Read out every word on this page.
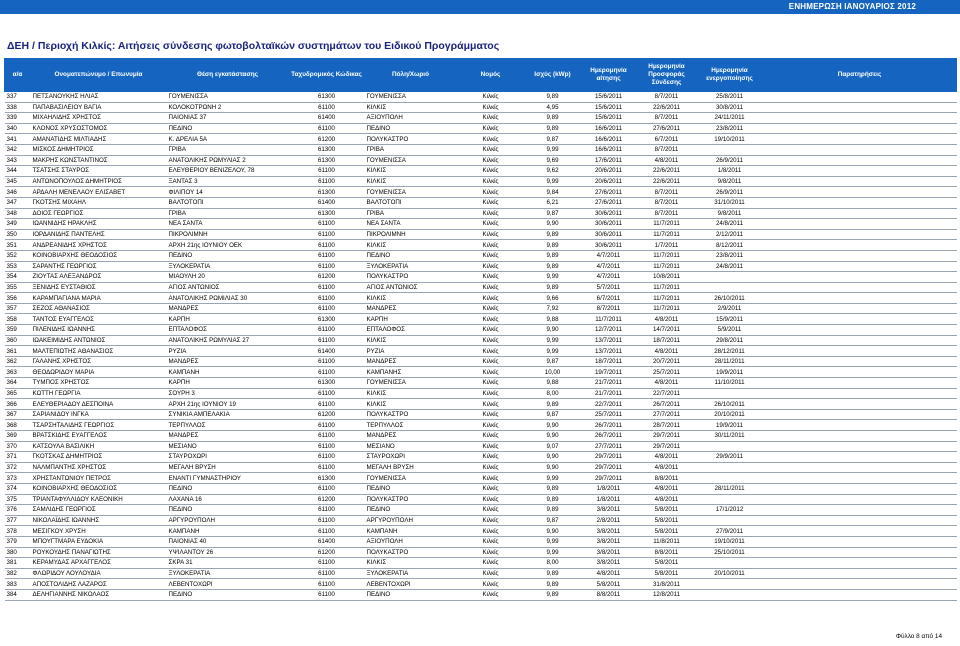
ΕΝΗΜΕΡΩΣΗ ΙΑΝΟΥΑΡΙΟΣ 2012
ΔΕΗ / Περιοχή Κιλκίς: Αιτήσεις σύνδεσης φωτοβολταϊκών συστημάτων του Ειδικού Προγράμματος
α/α	Ονοματεπώνυμο / Επωνυμία	Θέση εγκατάστασης	Ταχυδρομικός Κώδικας	Πόλη/Χωριό	Νομός	Ισχύς (kWp)	Ημερομηνία αίτησης	Ημερομηνία Προσφοράς Σύνδεσης	Ημερομηνία ενεργοποίησης	Παρατηρήσεις
337	ΠΕΤΣΑΝΟΥΚΗΣ ΗΛΙΑΣ	ΓΟΥΜΕΝΙΣΣΑ	61300	ΓΟΥΜΕΝΙΣΣΑ	Κιλκίς	9,89	15/6/2011	8/7/2011	25/8/2011	
338	ΠΑΠΑΒΑΣΙΛΕΙΟΥ ΒΑΓΙΑ	ΚΟΛΟΚΟΤΡΩΝΗ 2	61100	ΚΙΛΚΙΣ	Κιλκίς	4,95	15/6/2011	22/6/2011	30/8/2011	
339	ΜΙΧΑΗΛΙΔΗΣ ΧΡΗΣΤΟΣ	ΠΑΙΟΝΙΑΣ 37	61400	ΑΞΙΟΥΠΟΛΗ	Κιλκίς	9,89	15/6/2011	8/7/2011	24/11/2011	
340	ΚΛΟΝΟΣ ΧΡΥΣΟΣΤΟΜΟΣ	ΠΕΔΙΝΟ	61100	ΠΕΔΙΝΟ	Κιλκίς	9,89	16/6/2011	27/6/2011	23/8/2011	
341	ΑΜΑΝΑΤΙΔΗΣ ΜΙΛΤΙΑΔΗΣ	Κ. ΔΡΕΛΙΑ 5Α	61200	ΠΟΛΥΚΑΣΤΡΟ	Κιλκίς	9,87	16/6/2011	6/7/2011	19/10/2011	
342	ΜΙΣΚΟΣ ΔΗΜΗΤΡΙΟΣ	ΓΡΙΒΑ	61300	ΓΡΙΒΑ	Κιλκίς	9,99	16/6/2011	8/7/2011		
343	ΜΑΚΡΗΣ ΚΩΝΣΤΑΝΤΙΝΟΣ	ΑΝΑΤΟΛΙΚΗΣ ΡΩΜΥΛΙΑΣ 2	61300	ΓΟΥΜΕΝΙΣΣΑ	Κιλκίς	9,69	17/6/2011	4/8/2011	26/9/2011	
344	ΤΣΑΤΣΗΣ ΣΤΑΥΡΟΣ	ΕΛΕΥΘΕΡΙΟΥ ΒΕΝΙΖΕΛΟΥ, 78	61100	ΚΙΛΚΙΣ	Κιλκίς	9,62	20/6/2011	22/6/2011	1/8/2011	
345	ΑΝΤΩΝΟΠΟΥΛΟΣ ΔΗΜΗΤΡΙΟΣ	ΞΑΝΤΑΣ 3	61100	ΚΙΛΚΙΣ	Κιλκίς	9,99	20/6/2011	22/6/2011	9/8/2011	
346	ΑΡΔΑΛΗ ΜΕΝΕΛΑΟΥ ΕΛΙΣΑΒΕΤ	ΦΙΛΙΠΟΥ 14	61300	ΓΟΥΜΕΝΙΣΣΑ	Κιλκίς	9,84	27/6/2011	8/7/2011	26/9/2011	
347	ΓΚΟΤΣΗΣ ΜΙΧΑΗΛ	ΒΑΛΤΟΤΟΠΙ	61400	ΒΑΛΤΟΤΟΠΙ	Κιλκίς	6,21	27/6/2011	8/7/2011	31/10/2011	
348	ΔΟΙΟΣ ΓΕΩΡΓΙΟΣ	ΓΡΙΒΑ	61300	ΓΡΙΒΑ	Κιλκίς	9,87	30/6/2011	8/7/2011	9/8/2011	
349	ΙΩΑΝΝΙΔΗΣ ΗΡΑΚΛΗΣ	ΝΕΑ ΣΑΝΤΑ	61100	ΝΕΑ ΣΑΝΤΑ	Κιλκίς	9,90	30/6/2011	11/7/2011	24/8/2011	
350	ΙΟΡΔΑΝΙΔΗΣ ΠΑΝΤΕΛΗΣ	ΠΙΚΡΟΛΙΜΝΗ	61100	ΠΙΚΡΟΛΙΜΝΗ	Κιλκίς	9,89	30/6/2011	11/7/2011	2/12/2011	
351	ΑΝΔΡΕΑΝΙΔΗΣ ΧΡΗΣΤΟΣ	ΑΡΧΗ 21ης ΙΟΥΝΙΟΥ ΟΕΚ	61100	ΚΙΛΚΙΣ	Κιλκίς	9,89	30/6/2011	1/7/2011	8/12/2011	
352	ΚΟΙΝΟΒΙΑΡΧΗΣ ΘΕΟΔΟΣΙΟΣ	ΠΕΔΙΝΟ	61100	ΠΕΔΙΝΟ	Κιλκίς	9,89	4/7/2011	11/7/2011	23/8/2011	
353	ΣΑΡΑΝΤΗΣ ΓΕΩΡΓΙΟΣ	ΞΥΛΟΚΕΡΑΤΙΑ	61100	ΞΥΛΟΚΕΡΑΤΙΑ	Κιλκίς	9,89	4/7/2011	11/7/2011	24/8/2011	
354	ΖΙΟΥΤΑΣ ΑΛΕΞΑΝΔΡΟΣ	ΜΙΑΟΥΛΗ 20	61200	ΠΟΛΥΚΑΣΤΡΟ	Κιλκίς	9,99	4/7/2011	10/8/2011		
355	ΞΕΝΙΔΗΣ ΕΥΣΤΑΘΙΟΣ	ΑΓΙΟΣ ΑΝΤΩΝΙΟΣ	61100	ΑΓΙΟΣ ΑΝΤΩΝΙΟΣ	Κιλκίς	9,89	5/7/2011	11/7/2011		
356	ΚΑΡΑΜΠΑΓΙΑΝΑ ΜΑΡΙΑ	ΑΝΑΤΟΛΙΚΗΣ ΡΩΜΙΛΙΑΣ 30	61100	ΚΙΛΚΙΣ	Κιλκίς	9,66	6/7/2011	11/7/2011	26/10/2011	
357	ΣΕΖΟΣ ΑΘΑΝΑΣΙΟΣ	ΜΑΝΔΡΕΣ	61100	ΜΑΝΔΡΕΣ	Κιλκίς	7,92	8/7/2011	11/7/2011	2/9/2011	
358	ΤΑΝΤΟΣ ΕΥΑΓΓΕΛΟΣ	ΚΑΡΠΗ	61300	ΚΑΡΠΗ	Κιλκίς	9,88	11/7/2011	4/8/2011	15/9/2011	
359	ΠΙΛΕΝΙΔΗΣ ΙΩΑΝΝΗΣ	ΕΠΤΑΛΟΦΟΣ	61100	ΕΠΤΑΛΟΦΟΣ	Κιλκίς	9,90	12/7/2011	14/7/2011	5/9/2011	
360	ΙΩΑΚΕΙΜΙΔΗΣ ΑΝΤΩΝΙΟΣ	ΑΝΑΤΟΛΙΚΗΣ ΡΩΜΥΛΙΑΣ 27	61100	ΚΙΛΚΙΣ	Κιλκίς	9,99	13/7/2011	18/7/2011	29/8/2011	
361	ΜΑΛΤΕΠΙΩΤΗΣ ΑΘΑΝΑΣΙΟΣ	ΡΥΖΙΑ	61400	ΡΥΖΙΑ	Κιλκίς	9,99	13/7/2011	4/8/2011	28/12/2011	
362	ΓΑΛΑΝΗΣ ΧΡΗΣΤΟΣ	ΜΑΝΔΡΕΣ	61100	ΜΑΝΔΡΕΣ	Κιλκίς	9,87	18/7/2011	20/7/2011	28/11/2011	
363	ΘΕΟΔΩΡΙΔΟΥ ΜΑΡΙΑ	ΚΑΜΠΑΝΗ	61100	ΚΑΜΠΑΝΗΣ	Κιλκίς	10,00	19/7/2011	25/7/2011	19/9/2011	
364	ΤΥΜΠΟΣ ΧΡΗΣΤΟΣ	ΚΑΡΠΗ	61300	ΓΟΥΜΕΝΙΣΣΑ	Κιλκίς	9,88	21/7/2011	4/8/2011	11/10/2011	
365	ΚΩΤΤΗ ΓΕΩΡΓΙΑ	ΣΟΥΡΗ 3	61100	ΚΙΛΚΙΣ	Κιλκίς	8,00	21/7/2011	22/7/2011		
366	ΕΛΕΥΘΕΡΙΑΔΟΥ ΔΕΣΠΟΙΝΑ	ΑΡΧΗ 21ης ΙΟΥΝΙΟΥ 19	61100	ΚΙΛΚΙΣ	Κιλκίς	9,89	22/7/2011	26/7/2011	26/10/2011	
367	ΣΑΡΙΑΝΙΔΟΥ ΙΝΓΚΑ	ΣΥΝΙΚΙΑ ΑΜΠΕΛΑΚΙΑ	61200	ΠΟΛΥΚΑΣΤΡΟ	Κιλκίς	9,87	25/7/2011	27/7/2011	20/10/2011	
368	ΤΣΑΡΣΗΤΑΛΙΔΗΣ ΓΕΩΡΓΙΟΣ	ΤΕΡΠΥΛΛΟΣ	61100	ΤΕΡΠΥΛΛΟΣ	Κιλκίς	9,90	26/7/2011	28/7/2011	19/9/2011	
369	ΒΡΑΤΣΚΙΔΗΣ ΕΥΑΓΓΕΛΟΣ	ΜΑΝΔΡΕΣ	61100	ΜΑΝΔΡΕΣ	Κιλκίς	9,90	26/7/2011	29/7/2011	30/11/2011	
370	ΚΑΤΣΟΥΛΑ ΒΑΣΙΛΙΚΗ	ΜΕΣΙΑΝΟ	61100	ΜΕΣΙΑΝΟ	Κιλκίς	9,07	27/7/2011	29/7/2011		
371	ΓΚΟΤΣΚΑΣ ΔΗΜΗΤΡΙΟΣ	ΣΤΑΥΡΟΧΩΡΙ	61100	ΣΤΑΥΡΟΧΩΡΙ	Κιλκίς	9,90	29/7/2011	4/8/2011	29/9/2011	
372	ΝΑΛΜΠΑΝΤΗΣ ΧΡΗΣΤΟΣ	ΜΕΓΑΛΗ ΒΡΥΣΗ	61100	ΜΕΓΑΛΗ ΒΡΥΣΗ	Κιλκίς	9,90	29/7/2011	4/8/2011		
373	ΧΡΗΣΤΑΝΤΩΝΙΟΥ ΠΕΤΡΟΣ	ΕΝΑΝΤΙ ΓΥΜΝΑΣΤΗΡΙΟΥ	61300	ΓΟΥΜΕΝΙΣΣΑ	Κιλκίς	9,99	29/7/2011	8/8/2011		
374	ΚΟΙΝΟΒΙΑΡΧΗΣ ΘΕΟΔΟΣΙΟΣ	ΠΕΔΙΝΟ	61100	ΠΕΔΙΝΟ	Κιλκίς	9,89	1/8/2011	4/8/2011	28/11/2011	
375	ΤΡΙΑΝΤΑΦΥΛΛΙΔΟΥ ΚΛΕΟΝΙΚΗ	ΛΑΧΑΝΑ 16	61200	ΠΟΛΥΚΑΣΤΡΟ	Κιλκίς	9,89	1/8/2011	4/8/2011		
376	ΣΑΜΛΙΔΗΣ ΓΕΩΡΓΙΟΣ	ΠΕΔΙΝΟ	61100	ΠΕΔΙΝΟ	Κιλκίς	9,89	3/8/2011	5/8/2011	17/1/2012	
377	ΝΙΚΟΛΑΪΔΗΣ ΙΩΑΝΝΗΣ	ΑΡΓΥΡΟΥΠΟΛΗ	61100	ΑΡΓΥΡΟΥΠΟΛΗ	Κιλκίς	9,87	2/8/2011	5/8/2011		
378	ΜΕΣΙΓΚΟΥ ΧΡΥΣΗ	ΚΑΜΠΑΝΗ	61100	ΚΑΜΠΑΝΗ	Κιλκίς	9,90	3/8/2011	5/8/2011	27/9/2011	
379	ΜΠΟΥΓΤΜΑΡΑ ΕΥΔΟΚΙΑ	ΠΑΙΟΝΙΑΣ 40	61400	ΑΞΙΟΥΠΟΛΗ	Κιλκίς	9,99	3/8/2011	11/8/2011	19/10/2011	
380	ΡΟΥΚΟΥΔΗΣ ΠΑΝΑΓΙΩΤΗΣ	ΥΨΙΛΑΝΤΟΥ 26	61200	ΠΟΛΥΚΑΣΤΡΟ	Κιλκίς	9,99	3/8/2011	8/8/2011	25/10/2011	
381	ΚΕΡΑΜΥΔΑΣ ΑΡΧΑΓΓΕΛΟΣ	ΣΚΡΑ 31	61100	ΚΙΛΚΙΣ	Κιλκίς	8,00	3/8/2011	5/8/2011		
382	ΦΛΩΡΙΔΟΥ ΛΟΥΛΟΥΔΙΑ	ΞΥΛΟΚΕΡΑΤΙΑ	61100	ΞΥΛΟΚΕΡΑΤΙΑ	Κιλκίς	9,89	4/8/2011	5/8/2011	20/10/2011	
383	ΑΠΟΣΤΟΛΙΔΗΣ ΛΑΖΑΡΟΣ	ΛΕΒΕΝΤΟΧΩΡΙ	61100	ΛΕΒΕΝΤΟΧΩΡΙ	Κιλκίς	9,89	5/8/2011	31/8/2011		
384	ΔΕΛΗΓΙΑΝΝΗΣ ΝΙΚΟΛΑΟΣ	ΠΕΔΙΝΟ	61100	ΠΕΔΙΝΟ	Κιλκίς	9,89	8/8/2011	12/8/2011		
Φύλλο 8 από 14
